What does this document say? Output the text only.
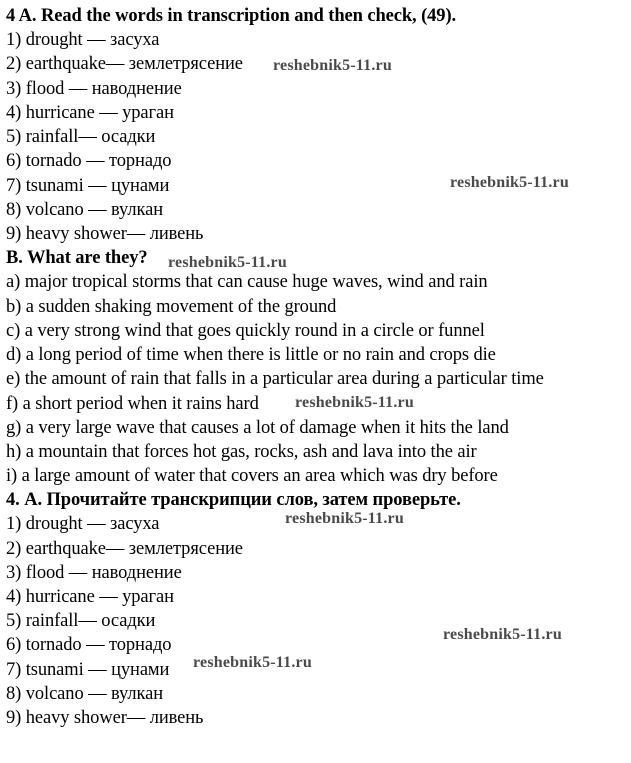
4 A. Read the words in transcription and then check, (49).
1) drought — засуха
2) earthquake— землетрясение
3) flood — наводнение
4) hurricane — ураган
5) rainfall— осадки
6) tornado — торнадо
7) tsunami — цунами
8) volcano — вулкан
9) heavy shower— ливень
B. What are they?
a) major tropical storms that can cause huge waves, wind and rain
b) a sudden shaking movement of the ground
c) a very strong wind that goes quickly round in a circle or funnel
d) a long period of time when there is little or no rain and crops die
e) the amount of rain that falls in a particular area during a particular time
f) a short period when it rains hard
g) a very large wave that causes a lot of damage when it hits the land
h) a mountain that forces hot gas, rocks, ash and lava into the air
i) a large amount of water that covers an area which was dry before
4. А. Прочитайте транскрипции слов, затем проверьте.
1) drought — засуха
2) earthquake— землетрясение
3) flood — наводнение
4) hurricane — ураган
5) rainfall— осадки
6) tornado — торнадо
7) tsunami — цунами
8) volcano — вулкан
9) heavy shower— ливень
reshebnik5-11.ru
reshebnik5-11.ru
reshebnik5-11.ru
reshebnik5-11.ru
reshebnik5-11.ru
reshebnik5-11.ru
reshebnik5-11.ru
